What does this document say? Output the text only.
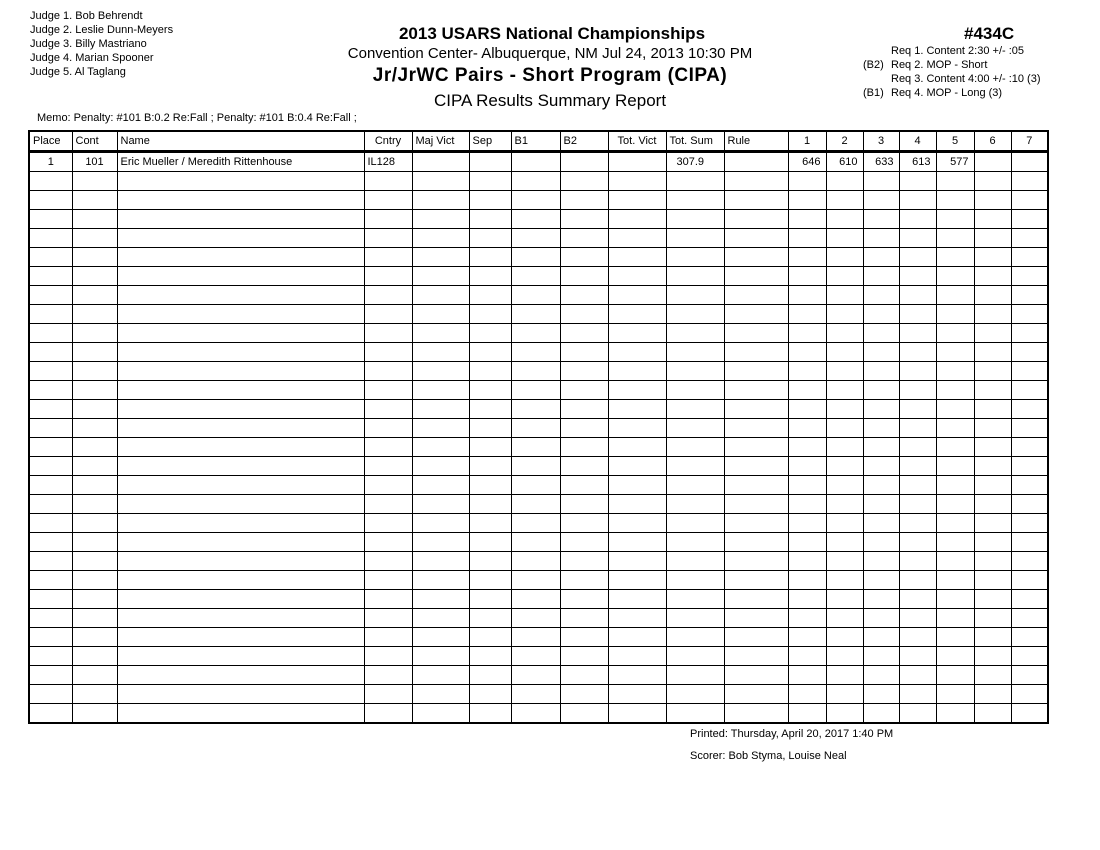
Judge 1. Bob Behrendt
Judge 2. Leslie Dunn-Meyers
Judge 3. Billy Mastriano
Judge 4. Marian Spooner
Judge 5. Al Taglang
2013 USARS National Championships
Convention Center- Albuquerque, NM Jul 24, 2013 10:30 PM
Jr/JrWC Pairs - Short Program (CIPA)
CIPA Results Summary Report
#434C
Req 1. Content 2:30 +/- :05
(B2) Req 2. MOP - Short
Req 3. Content 4:00 +/- :10 (3)
(B1) Req 4. MOP - Long (3)
Memo: Penalty: #101 B:0.2 Re:Fall ; Penalty: #101 B:0.4 Re:Fall ;
Place	Cont	Name	Cntry	Maj Vict	Sep	B1	B2	Tot. Vict	Tot. Sum	Rule	1	2	3	4	5	6	7
1	101	Eric Mueller / Meredith Rittenhouse	IL128						307.9		646	610	633	613	577		

Printed: Thursday, April 20, 2017 1:40 PM
Scorer: Bob Styma, Louise Neal
